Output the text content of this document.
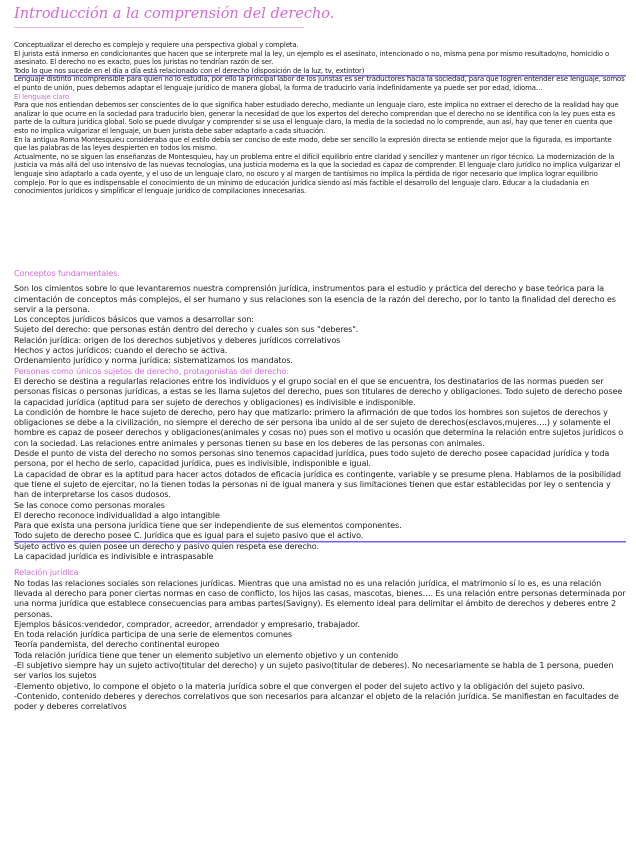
Introducción a la comprensión del derecho.

Conceptualizar el derecho es complejo y requiere una perspectiva global y completa.

El jurista está inmerso en condicionantes que hacen que se interprete mal la ley, un ejemplo es el asesinato, intencionado o no, misma pena por mismo resultado/no, homicidio o asesinato. El derecho no es exacto, pues los juristas no tendrían razón de ser.

Todo lo que nos sucede en el día a día está relacionado con el derecho (disposición de la luz, tv, extintor)

Lenguaje distinto incomprensible para quien no lo estudia, por ello la principal labor de los juristas es ser traductores hacia la sociedad, para que logren entender ese lenguaje, somos el punto de unión, pues debemos adaptar el lenguaje jurídico de manera global, la forma de traducirlo varía indefinidamente ya puede ser por edad, idioma…

El lenguaje claro

Para que nos entiendan debemos ser conscientes de lo que significa haber estudiado derecho, mediante un lenguaje claro, este implica no extraer el derecho de la realidad hay que analizar lo que ocurre en la sociedad para traducirlo bien, generar la necesidad de que los expertos del derecho comprendan que el derecho no se identifica con la ley pues esta es parte de la cultura jurídica global. Solo se puede divulgar y comprender si se usa el lenguaje claro, la media de la sociedad no lo comprende, aun así, hay que tener en cuenta que esto no implica vulgarizar el lenguaje, un buen jurista debe saber adaptarlo a cada situación.

En la antigua Roma Montesquieu consideraba que el estilo debía ser conciso de este modo, debe ser sencillo la expresión directa se entiende mejor que la figurada, es importante que las palabras de las leyes despierten en todos los mismo.

Actualmente, no se siguen las enseñanzas de Montesquieu, hay un problema entre el difícil equilibrio entre claridad y sencillez y mantener un rigor técnico. La modernización de la justicia va más allá del uso intensivo de las nuevas tecnologías, una justicia moderna es la que la sociedad es capaz de comprender. El lenguaje claro jurídico no implica vulgarizar el lenguaje sino adaptarlo a cada oyente, y el uso de un lenguaje claro, no oscuro y al margen de tantísimos no implica la pérdida de rigor necesario que implica lograr equilibrio complejo. Por lo que es indispensable el conocimiento de un mínimo de educación jurídica siendo así más factible el desarrollo del lenguaje claro. Educar a la ciudadanía en conocimientos jurídicos y simplificar el lenguaje jurídico de compilaciones innecesarias.

Conceptos fundamentales.

Son los cimientos sobre lo que levantaremos nuestra comprensión jurídica, instrumentos para el estudio y práctica del derecho y base teórica para la cimentación de conceptos más complejos, el ser humano y sus relaciones son la esencia de la razón del derecho, por lo tanto la finalidad del derecho es servir a la persona.

Los conceptos jurídicos básicos que vamos a desarrollar son:

Sujeto del derecho: que personas están dentro del derecho y cuales son sus "deberes".

Relación jurídica: origen de los derechos subjetivos y deberes jurídicos correlativos

Hechos y actos jurídicos: cuando el derecho se activa.

Ordenamiento jurídico y norma jurídica: sistematizamos los mandatos.

Personas como únicos sujetos de derecho, protagonistas del derecho:

El derecho se destina a regularlas relaciones entre los individuos y el grupo social en el que se encuentra, los destinatarios de las normas pueden ser personas físicas o personas jurídicas, a estas se les llama sujetos del derecho, pues son titulares de derecho y obligaciones. Todo sujeto de derecho posee la capacidad jurídica (aptitud para ser sujeto de derechos y obligaciones) es indivisible e indisponible.

La condición de hombre le hace sujeto de derecho, pero hay que matizarlo: primero la afirmación de que todos los hombres son sujetos de derechos y obligaciones se debe a la civilización, no siempre el derecho de ser persona iba unido al de ser sujeto de derechos(esclavos,mujeres….) y solamente el hombre es capaz de poseer derechos y obligaciones(animales y cosas no) pues son el motivo u ocasión que determina la relación entre sujetos jurídicos o con la sociedad. Las relaciones entre animales y personas tienen su base en los deberes de las personas con animales.

Desde el punto de vista del derecho no somos personas sino tenemos capacidad jurídica, pues todo sujeto de derecho posee capacidad jurídica y toda persona, por el hecho de serlo, capacidad jurídica, pues es indivisible, indisponible e igual.

La capacidad de obrar es la aptitud para hacer actos dotados de eficacia jurídica es contingente, variable y se presume plena. Hablamos de la posibilidad que tiene el sujeto de ejercitar, no la tienen todas la personas ni de igual manera y sus limitaciones tienen que estar establecidas por ley o sentencia y han de interpretarse los casos dudosos.

Se las conoce como personas morales

El derecho reconoce individualidad a algo intangible

Para que exista una persona jurídica tiene que ser independiente de sus elementos componentes.

Todo sujeto de derecho posee C. Jurídica que es igual para el sujeto pasivo que el activo.

Sujeto activo es quien posee un derecho y pasivo quien respeta ese derecho.

La capacidad jurídica es indivisible e intraspasable

Relación jurídica

No todas las relaciones sociales son relaciones jurídicas. Mientras que una amistad no es una relación jurídica, el matrimonio sí lo es, es una relación llevada al derecho para poner ciertas normas en caso de conflicto, los hijos las casas, mascotas, bienes…. Es una relación entre personas determinada por una norma jurídica que establece consecuencias para ambas partes(Savigny). Es elemento ideal para delimitar el ámbito de derechos y deberes entre 2 personas.

Ejemplos básicos:vendedor, comprador, acreedor, arrendador y empresario, trabajador.

En toda relación jurídica participa de una serie de elementos comunes

Teoría pandemista, del derecho continental europeo

Toda relación jurídica tiene que tener un elemento subjetivo un elemento objetivo y un contenido

-El subjetivo siempre hay un sujeto activo(titular del derecho) y un sujeto pasivo(titular de deberes). No necesariamente se habla de 1 persona, pueden ser varios los sujetos

-Elemento objetivo, lo compone el objeto o la materia jurídica sobre el que convergen el poder del sujeto activo y la obligación del sujeto pasivo.

-Contenido, contenido deberes y derechos correlativos que son necesarios para alcanzar el objeto de la relación jurídica. Se manifiestan en facultades de poder y deberes correlativos
